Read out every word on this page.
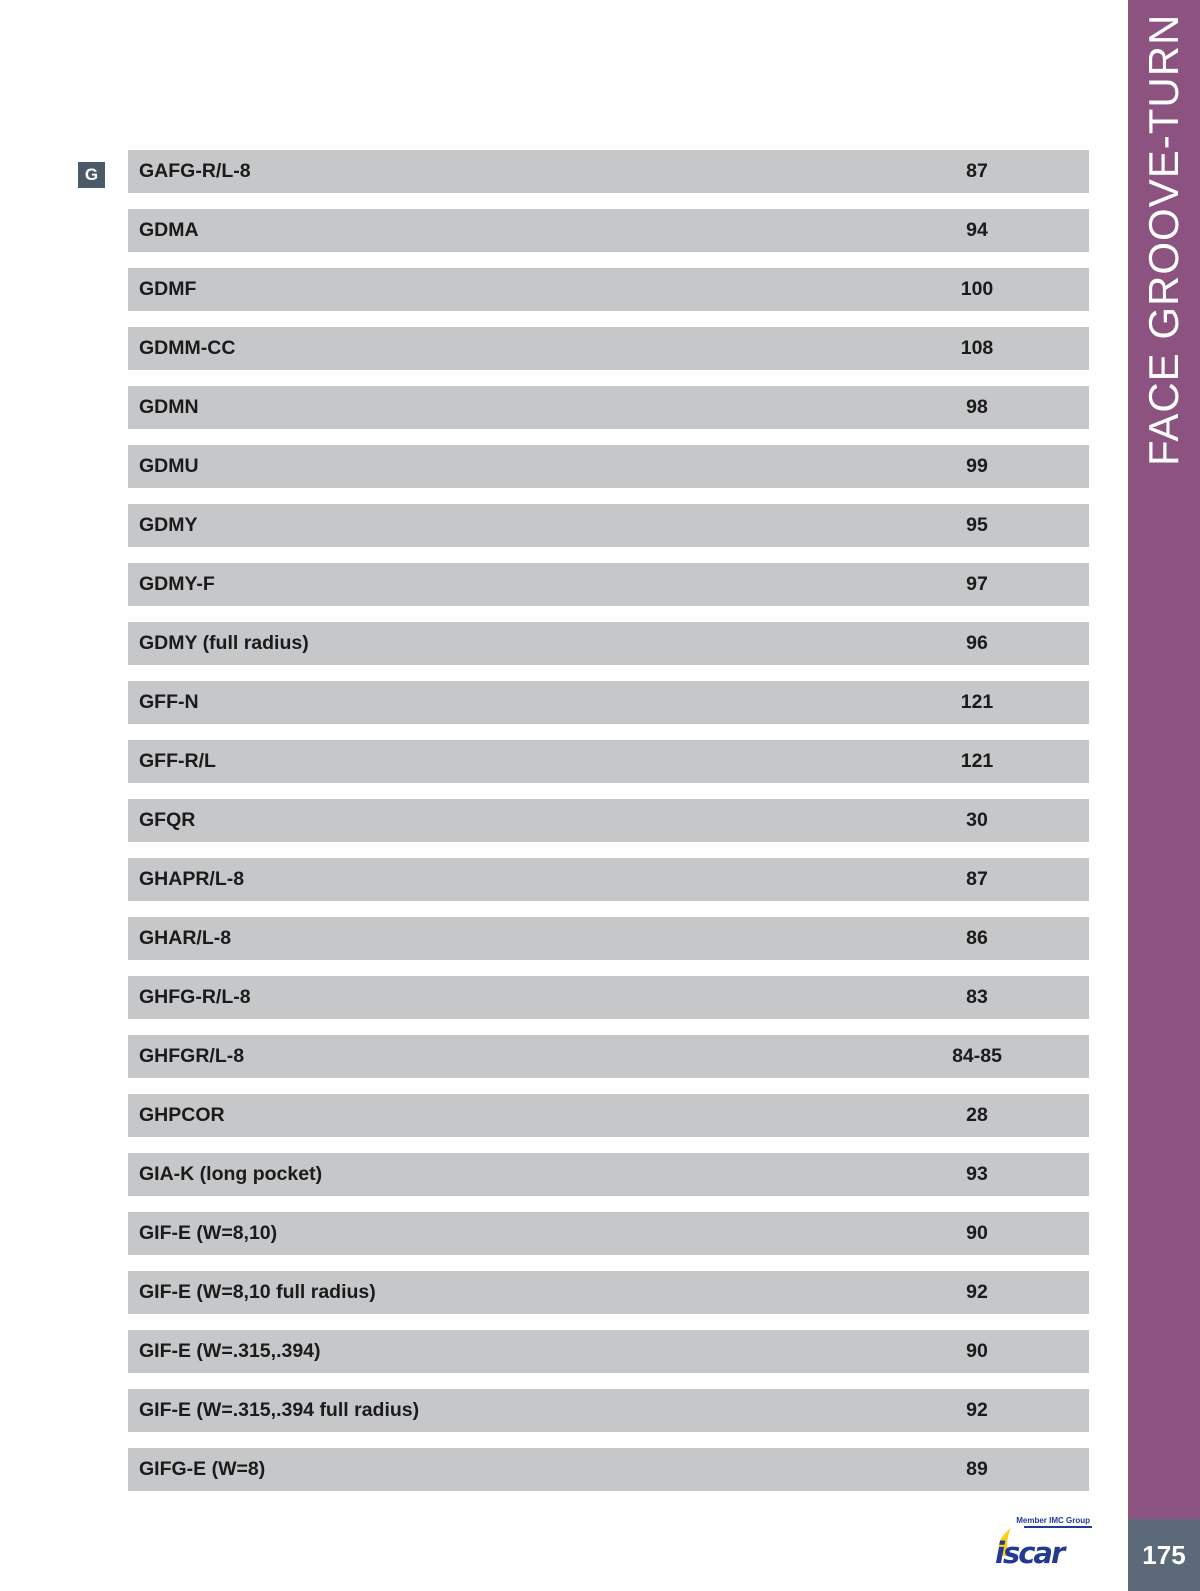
G	GAFG-R/L-8	87
GDMA	94
GDMF	100
GDMM-CC	108
GDMN	98
GDMU	99
GDMY	95
GDMY-F	97
GDMY (full radius)	96
GFF-N	121
GFF-R/L	121
GFQR	30
GHAPR/L-8	87
GHAR/L-8	86
GHFG-R/L-8	83
GHFGR/L-8	84-85
GHPCOR	28
GIA-K (long pocket)	93
GIF-E (W=8,10)	90
GIF-E (W=8,10 full radius)	92
GIF-E (W=.315,.394)	90
GIF-E (W=.315,.394 full radius)	92
GIFG-E (W=8)	89
FACE GROOVE-TURN
175
Member IMC Group
iscar
